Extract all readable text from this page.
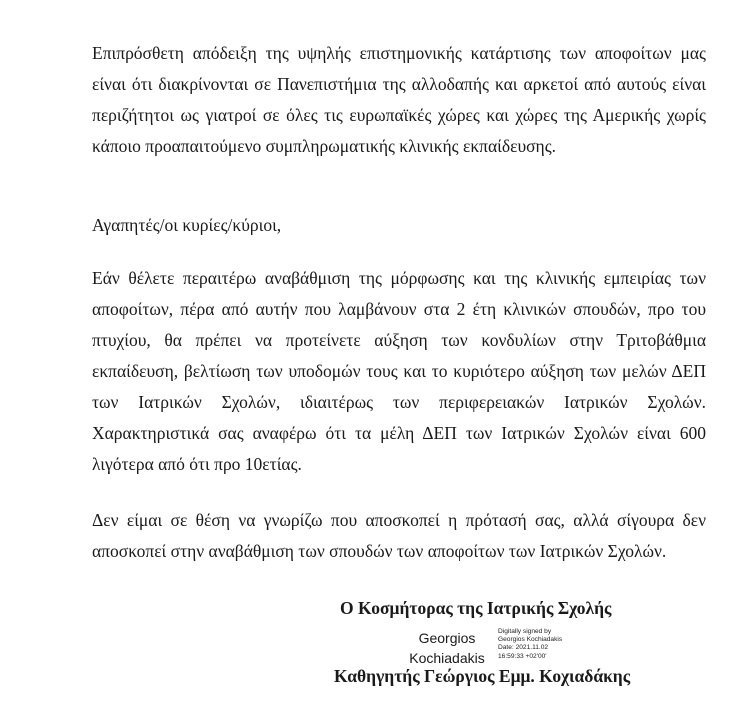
Επιπρόσθετη απόδειξη της υψηλής επιστημονικής κατάρτισης των αποφοίτων μας είναι ότι διακρίνονται σε Πανεπιστήμια της αλλοδαπής και αρκετοί από αυτούς είναι περιζήτητοι ως γιατροί σε όλες τις ευρωπαϊκές χώρες και χώρες της Αμερικής χωρίς κάποιο προαπαιτούμενο συμπληρωματικής κλινικής εκπαίδευσης.

Αγαπητές/οι κυρίες/κύριοι,

Εάν θέλετε περαιτέρω αναβάθμιση της μόρφωσης και της κλινικής εμπειρίας των αποφοίτων, πέρα από αυτήν που λαμβάνουν στα 2 έτη κλινικών σπουδών, προ του πτυχίου, θα πρέπει να προτείνετε αύξηση των κονδυλίων στην Τριτοβάθμια εκπαίδευση, βελτίωση των υποδομών τους και το κυριότερο αύξηση των μελών ΔΕΠ των Ιατρικών Σχολών, ιδιαιτέρως των περιφερειακών Ιατρικών Σχολών. Χαρακτηριστικά σας αναφέρω ότι τα μέλη ΔΕΠ των Ιατρικών Σχολών είναι 600 λιγότερα από ότι προ 10ετίας.

Δεν είμαι σε θέση να γνωρίζω που αποσκοπεί η πρότασή σας, αλλά σίγουρα δεν αποσκοπεί στην αναβάθμιση των σπουδών των αποφοίτων των Ιατρικών Σχολών.

Ο Κοσμήτορας της Ιατρικής Σχολής
Georgios
Kochiadakis
Digitally signed by
Georgios Kochiadakis
Date: 2021.11.02
16:59:33 +02'00'
Καθηγητής Γεώργιος Εμμ. Κοχιαδάκης
